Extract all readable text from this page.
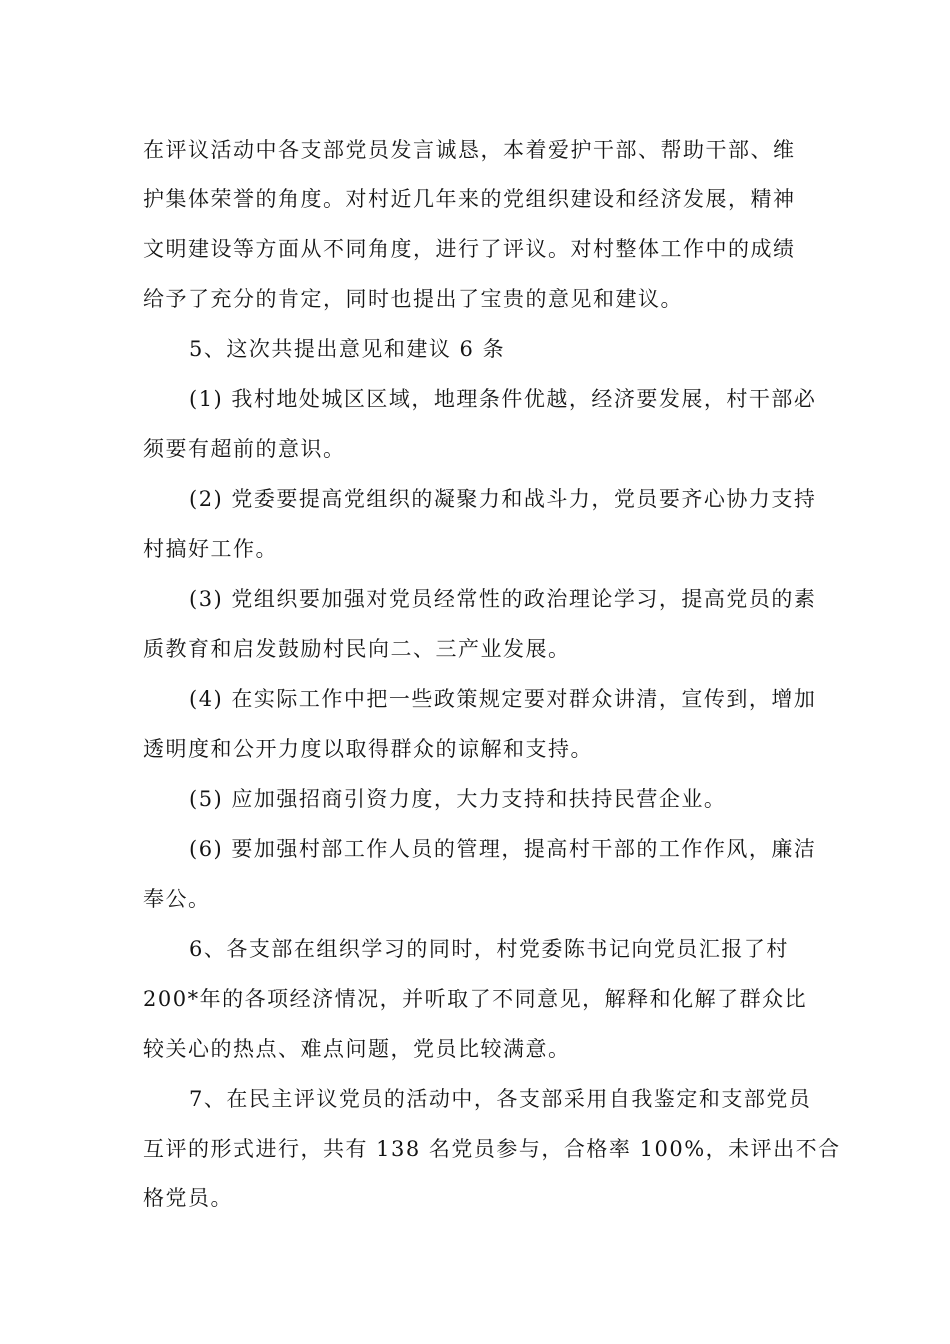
在评议活动中各支部党员发言诚恳，本着爱护干部、帮助干部、维
护集体荣誉的角度。对村近几年来的党组织建设和经济发展，精神
文明建设等方面从不同角度，进行了评议。对村整体工作中的成绩
给予了充分的肯定，同时也提出了宝贵的意见和建议。
5、这次共提出意见和建议 6 条
(1) 我村地处城区区域，地理条件优越，经济要发展，村干部必
须要有超前的意识。
(2) 党委要提高党组织的凝聚力和战斗力，党员要齐心协力支持
村搞好工作。
(3) 党组织要加强对党员经常性的政治理论学习，提高党员的素
质教育和启发鼓励村民向二、三产业发展。
(4) 在实际工作中把一些政策规定要对群众讲清，宣传到，增加
透明度和公开力度以取得群众的谅解和支持。
(5) 应加强招商引资力度，大力支持和扶持民营企业。
(6) 要加强村部工作人员的管理，提高村干部的工作作风，廉洁
奉公。
6、各支部在组织学习的同时，村党委陈书记向党员汇报了村
200*年的各项经济情况，并听取了不同意见，解释和化解了群众比
较关心的热点、难点问题，党员比较满意。
7、在民主评议党员的活动中，各支部采用自我鉴定和支部党员
互评的形式进行，共有 138 名党员参与，合格率 100%，未评出不合
格党员。
